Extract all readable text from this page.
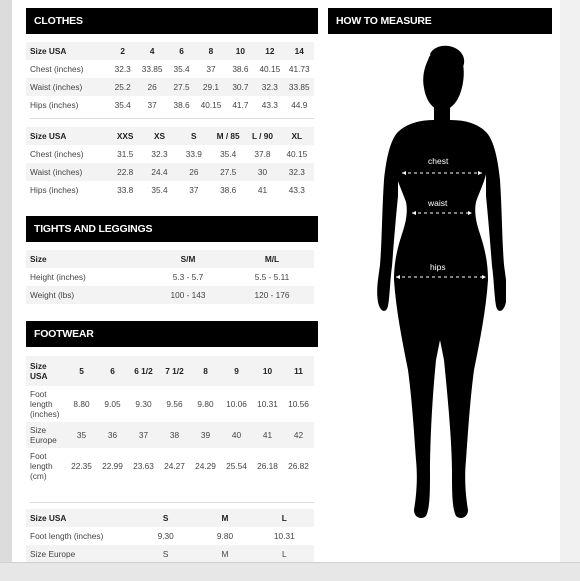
CLOTHES
Size USA	2	4	6	8	10	12	14
Chest (inches)	32.3	33.85	35.4	37	38.6	40.15	41.73
Waist (inches)	25.2	26	27.5	29.1	30.7	32.3	33.85
Hips (inches)	35.4	37	38.6	40.15	41.7	43.3	44.9
Size USA	XXS	XS	S	M / 85	L / 90	XL
Chest (inches)	31.5	32.3	33.9	35.4	37.8	40.15
Waist (inches)	22.8	24.4	26	27.5	30	32.3
Hips (inches)	33.8	35.4	37	38.6	41	43.3
TIGHTS AND LEGGINGS
Size	S/M	M/L
Height (inches)	5.3 - 5.7	5.5 - 5.11
Weight (lbs)	100 - 143	120 - 176
FOOTWEAR
Size USA	5	6	6 1/2	7 1/2	8	9	10	11
Foot length (inches)	8.80	9.05	9.30	9.56	9.80	10.06	10.31	10.56
Size Europe	35	36	37	38	39	40	41	42
Foot length (cm)	22.35	22.99	23.63	24.27	24.29	25.54	26.18	26.82
Size USA	S	M	L
Foot length (inches)	9.30	9.80	10.31
Size Europe	S	M	L
HOW TO MEASURE
chest
waist
hips
